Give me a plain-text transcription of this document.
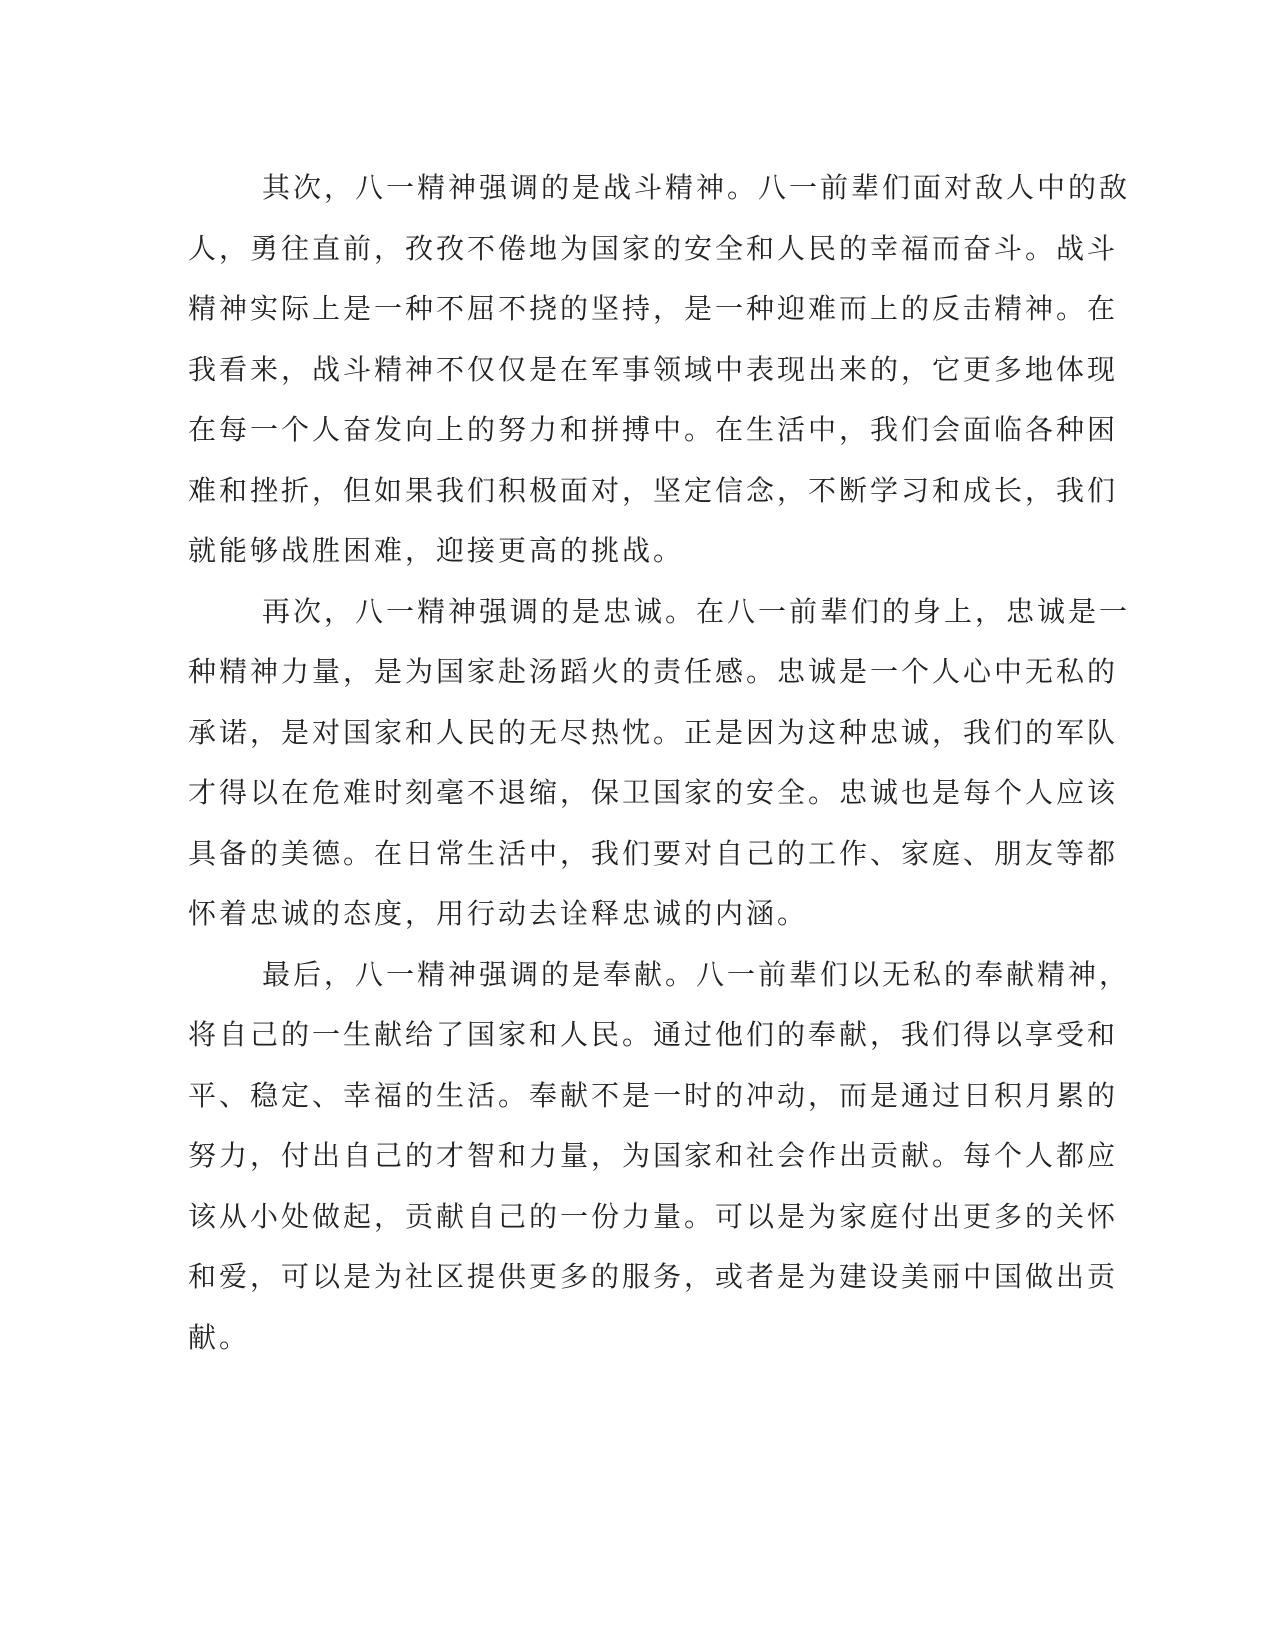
其次，八一精神强调的是战斗精神。八一前辈们面对敌人中的敌
人，勇往直前，孜孜不倦地为国家的安全和人民的幸福而奋斗。战斗
精神实际上是一种不屈不挠的坚持，是一种迎难而上的反击精神。在
我看来，战斗精神不仅仅是在军事领域中表现出来的，它更多地体现
在每一个人奋发向上的努力和拼搏中。在生活中，我们会面临各种困
难和挫折，但如果我们积极面对，坚定信念，不断学习和成长，我们
就能够战胜困难，迎接更高的挑战。

再次，八一精神强调的是忠诚。在八一前辈们的身上，忠诚是一
种精神力量，是为国家赴汤蹈火的责任感。忠诚是一个人心中无私的
承诺，是对国家和人民的无尽热忱。正是因为这种忠诚，我们的军队
才得以在危难时刻毫不退缩，保卫国家的安全。忠诚也是每个人应该
具备的美德。在日常生活中，我们要对自己的工作、家庭、朋友等都
怀着忠诚的态度，用行动去诠释忠诚的内涵。

最后，八一精神强调的是奉献。八一前辈们以无私的奉献精神，
将自己的一生献给了国家和人民。通过他们的奉献，我们得以享受和
平、稳定、幸福的生活。奉献不是一时的冲动，而是通过日积月累的
努力，付出自己的才智和力量，为国家和社会作出贡献。每个人都应
该从小处做起，贡献自己的一份力量。可以是为家庭付出更多的关怀
和爱，可以是为社区提供更多的服务，或者是为建设美丽中国做出贡
献。
